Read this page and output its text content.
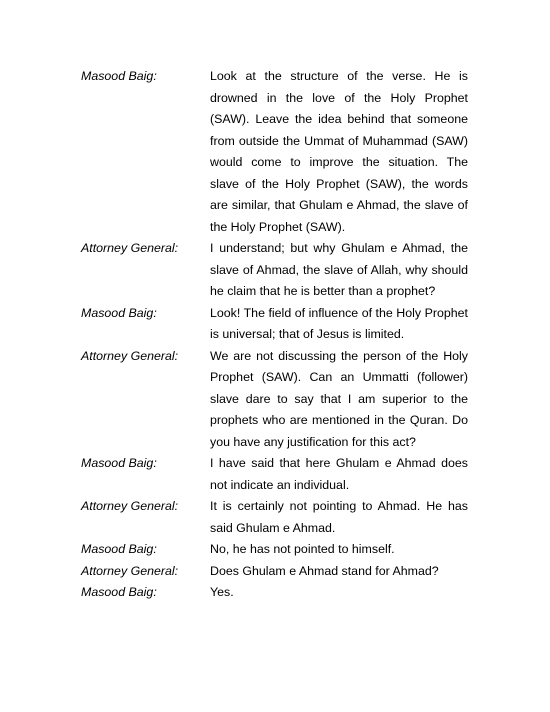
Masood Baig:	Look at the structure of the verse. He is drowned in the love of the Holy Prophet (SAW). Leave the idea behind that someone from outside the Ummat of Muhammad (SAW) would come to improve the situation. The slave of the Holy Prophet (SAW), the words are similar, that Ghulam e Ahmad, the slave of the Holy Prophet (SAW).
Attorney General:	I understand; but why Ghulam e Ahmad, the slave of Ahmad, the slave of Allah, why should he claim that he is better than a prophet?
Masood Baig:	Look! The field of influence of the Holy Prophet is universal; that of Jesus is limited.
Attorney General:	We are not discussing the person of the Holy Prophet (SAW). Can an Ummatti (follower) slave dare to say that I am superior to the prophets who are mentioned in the Quran. Do you have any justification for this act?
Masood Baig:	I have said that here Ghulam e Ahmad does not indicate an individual.
Attorney General:	It is certainly not pointing to Ahmad. He has said Ghulam e Ahmad.
Masood Baig:	No, he has not pointed to himself.
Attorney General:	Does Ghulam e Ahmad stand for Ahmad?
Masood Baig:	Yes.
